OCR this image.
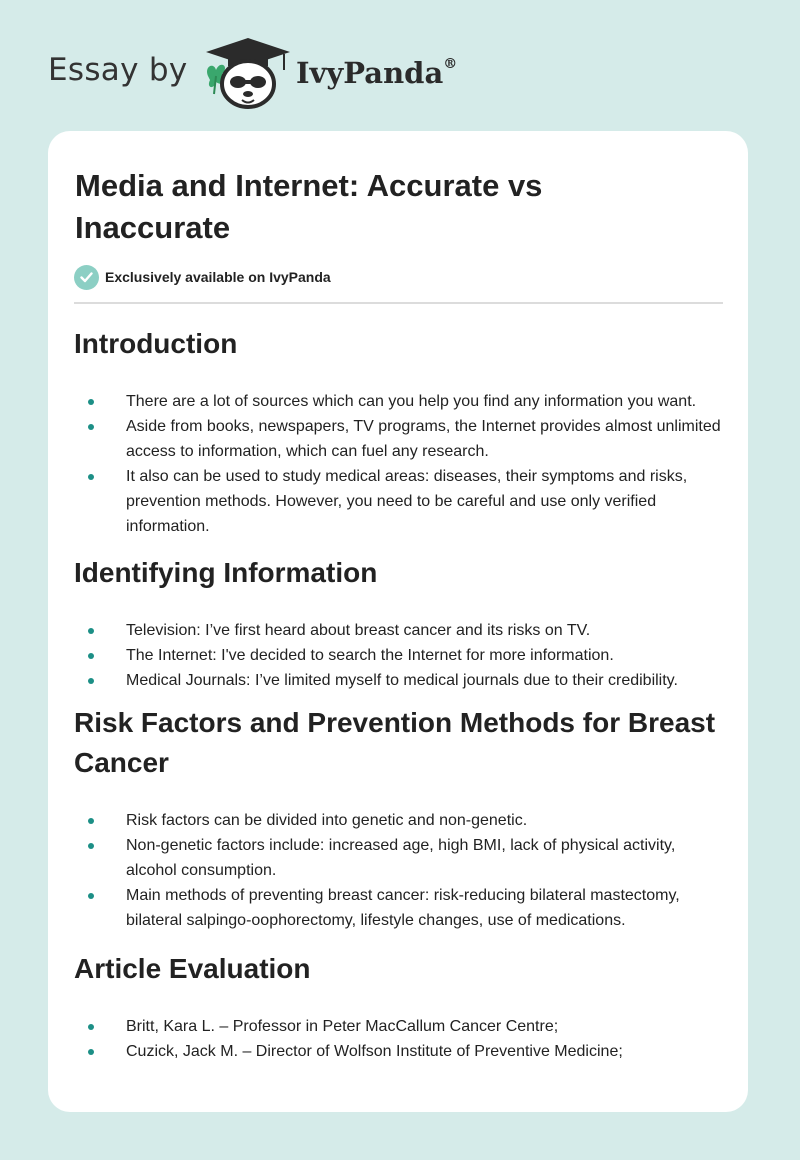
Essay by	IvyPanda®
Media and Internet: Accurate vs Inaccurate
Exclusively available on IvyPanda
Introduction
There are a lot of sources which can you help you find any information you want.
Aside from books, newspapers, TV programs, the Internet provides almost unlimited access to information, which can fuel any research.
It also can be used to study medical areas: diseases, their symptoms and risks, prevention methods. However, you need to be careful and use only verified information.
Identifying Information
Television: I’ve first heard about breast cancer and its risks on TV.
The Internet: I've decided to search the Internet for more information.
Medical Journals: I’ve limited myself to medical journals due to their credibility.
Risk Factors and Prevention Methods for Breast Cancer
Risk factors can be divided into genetic and non-genetic.
Non-genetic factors include: increased age, high BMI, lack of physical activity, alcohol consumption.
Main methods of preventing breast cancer: risk-reducing bilateral mastectomy, bilateral salpingo-oophorectomy, lifestyle changes, use of medications.
Article Evaluation
Britt, Kara L. – Professor in Peter MacCallum Cancer Centre;
Cuzick, Jack M. – Director of Wolfson Institute of Preventive Medicine;
